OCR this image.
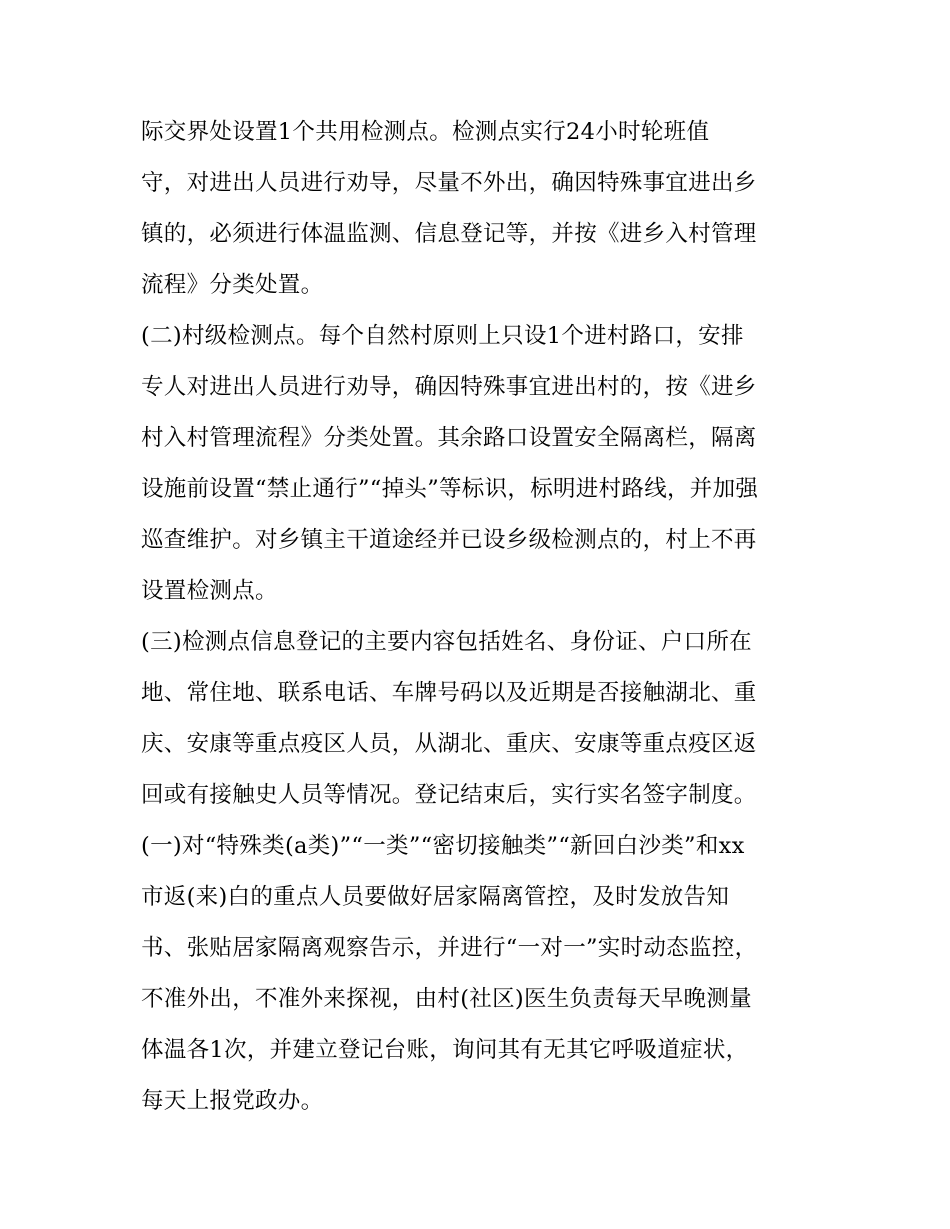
际交界处设置1个共用检测点。检测点实行24小时轮班值
守，对进出人员进行劝导，尽量不外出，确因特殊事宜进出乡
镇的，必须进行体温监测、信息登记等，并按《进乡入村管理
流程》分类处置。
(二)村级检测点。每个自然村原则上只设1个进村路口，安排
专人对进出人员进行劝导，确因特殊事宜进出村的，按《进乡
村入村管理流程》分类处置。其余路口设置安全隔离栏，隔离
设施前设置“禁止通行”“掉头”等标识，标明进村路线，并加强
巡查维护。对乡镇主干道途经并已设乡级检测点的，村上不再
设置检测点。
(三)检测点信息登记的主要内容包括姓名、身份证、户口所在
地、常住地、联系电话、车牌号码以及近期是否接触湖北、重
庆、安康等重点疫区人员，从湖北、重庆、安康等重点疫区返
回或有接触史人员等情况。登记结束后，实行实名签字制度。
(一)对“特殊类(a类)”“一类”“密切接触类”“新回白沙类”和xx
市返(来)白的重点人员要做好居家隔离管控，及时发放告知
书、张贴居家隔离观察告示，并进行“一对一”实时动态监控，
不准外出，不准外来探视，由村(社区)医生负责每天早晚测量
体温各1次，并建立登记台账，询问其有无其它呼吸道症状，
每天上报党政办。
